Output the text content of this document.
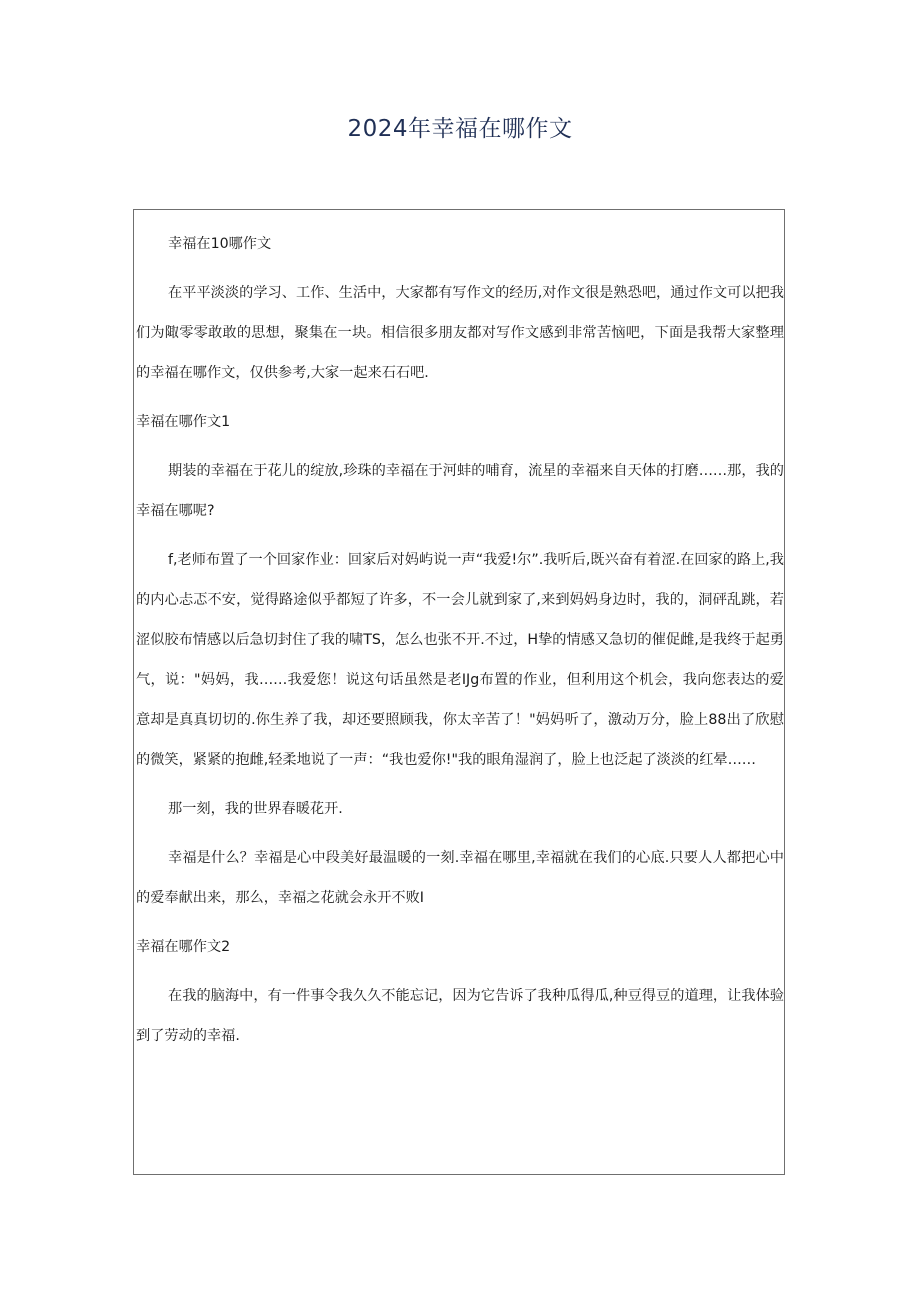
2024年幸福在哪作文

幸福在10哪作文

在平平淡淡的学习、工作、生活中，大家都有写作文的经历,对作文很是熟恐吧，通过作文可以把我们为陬零零敢敢的思想，聚集在一块。相信很多朋友都对写作文感到非常苦恼吧，下面是我帮大家整理的幸福在哪作文，仅供参考,大家一起来石石吧.

幸福在哪作文1

期装的幸福在于花儿的绽放,珍珠的幸福在于河蚌的哺育，流星的幸福来自天体的打磨……那，我的幸福在哪呢?

f,老师布置了一个回家作业：回家后对妈屿说一声“我爱!尔”.我听后,既兴奋有着涩.在回家的路上,我的内心忐忑不安，觉得路途似乎都短了许多，不一会儿就到家了,来到妈妈身边时，我的，洞砰乱跳，若涩似胶布情感以后急切封住了我的啸TS，怎么也张不开.不过，H挚的情感又急切的催促雌,是我终于起勇气，说："妈妈，我……我爱您！说这句话虽然是老IJg布置的作业，但利用这个机会，我向您表达的爱意却是真真切切的.你生养了我，却还要照顾我，你太辛苦了！"妈妈听了，激动万分，脸上88出了欣慰的微笑，紧紧的抱雌,轻柔地说了一声：“我也爱你!"我的眼角湿润了，脸上也泛起了淡淡的红晕……

那一刻，我的世界春暖花开.

幸福是什么？幸福是心中段美好最温暖的一刻.幸福在哪里,幸福就在我们的心底.只要人人都把心中的爱奉献出来，那么，幸福之花就会永开不败I

幸福在哪作文2

在我的脑海中，有一件事令我久久不能忘记，因为它告诉了我种瓜得瓜,种豆得豆的道理，让我体验到了劳动的幸福.
